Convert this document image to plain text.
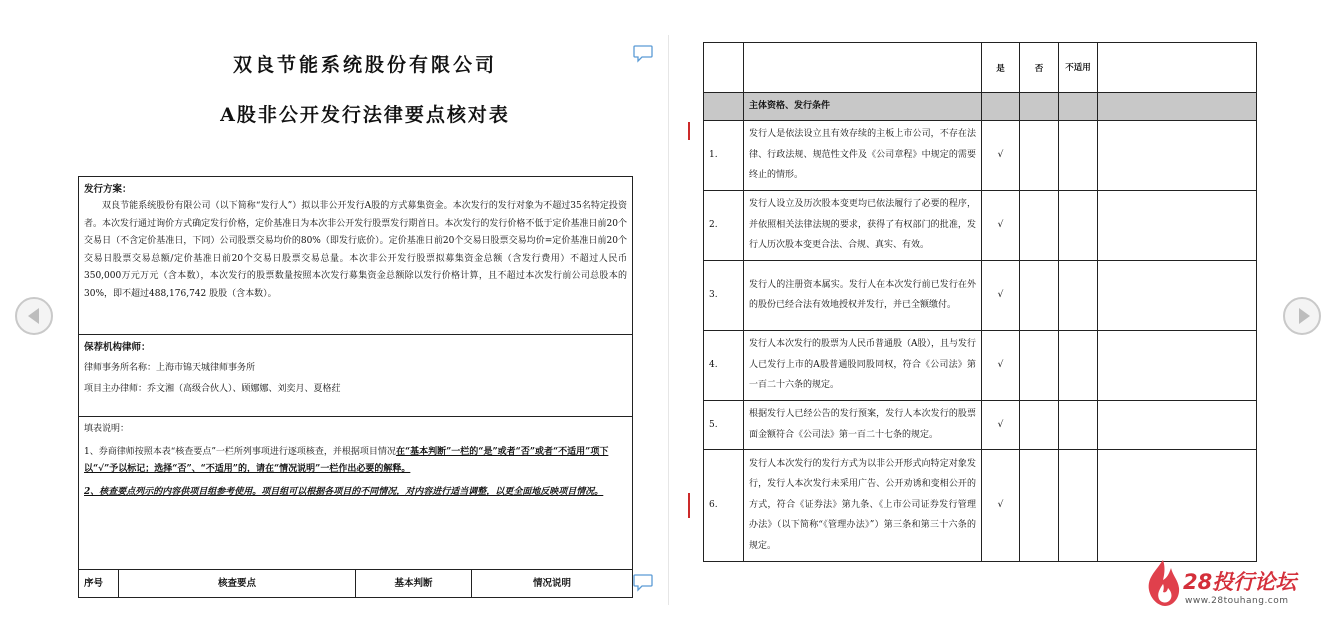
双良节能系统股份有限公司
A股非公开发行法律要点核对表
发行方案：
双良节能系统股份有限公司（以下简称“发行人”）拟以非公开发行A股的方式募集资金。本次发行的发行对象为不超过35名特定投资者。本次发行通过询价方式确定发行价格，定价基准日为本次非公开发行股票发行期首日。本次发行的发行价格不低于定价基准日前20个交易日（不含定价基准日，下同）公司股票交易均价的80%（即发行底价）。定价基准日前20个交易日股票交易均价=定价基准日前20个交易日股票交易总额/定价基准日前20个交易日股票交易总量。本次非公开发行股票拟募集资金总额（含发行费用）不超过人民币350,000万元万元（含本数），本次发行的股票数量按照本次发行募集资金总额除以发行价格计算，且不超过本次发行前公司总股本的30%，即不超过488,176,742 股股（含本数）。
保荐机构律师：
律师事务所名称：上海市锦天城律师事务所
项目主办律师：乔文湘（高级合伙人）、顾娜娜、刘奕月、夏格荭
填表说明：
1、券商律师按照本表“核查要点”一栏所列事项进行逐项核查，并根据项目情况在“基本判断”一栏的“是”或者“否”或者“不适用”项下以“√”予以标记；选择“否”、“不适用”的，请在“情况说明”一栏作出必要的解释。
2、核查要点列示的内容供项目组参考使用。项目组可以根据各项目的不同情况，对内容进行适当调整，以更全面地反映项目情况。
序号	核查要点	基本判断	情况说明
		是	否	不适用	
	主体资格、发行条件				
1.	发行人是依法设立且有效存续的主板上市公司，不存在法律、行政法规、规范性文件及《公司章程》中规定的需要终止的情形。	√			
2.	发行人设立及历次股本变更均已依法履行了必要的程序，并依照相关法律法规的要求，获得了有权部门的批准，发行人历次股本变更合法、合规、真实、有效。	√			
3.	发行人的注册资本属实。发行人在本次发行前已发行在外的股份已经合法有效地授权并发行，并已全额缴付。	√			
4.	发行人本次发行的股票为人民币普通股（A股），且与发行人已发行上市的A股普通股同股同权，符合《公司法》第一百二十六条的规定。	√			
5.	根据发行人已经公告的发行预案，发行人本次发行的股票面金额符合《公司法》第一百二十七条的规定。	√			
6.	发行人本次发行的发行方式为以非公开形式向特定对象发行，发行人本次发行未采用广告、公开劝诱和变相公开的方式，符合《证券法》第九条、《上市公司证券发行管理办法》（以下简称“《管理办法》”）第三条和第三十六条的规定。	√			
28投行论坛
www.28touhang.com
